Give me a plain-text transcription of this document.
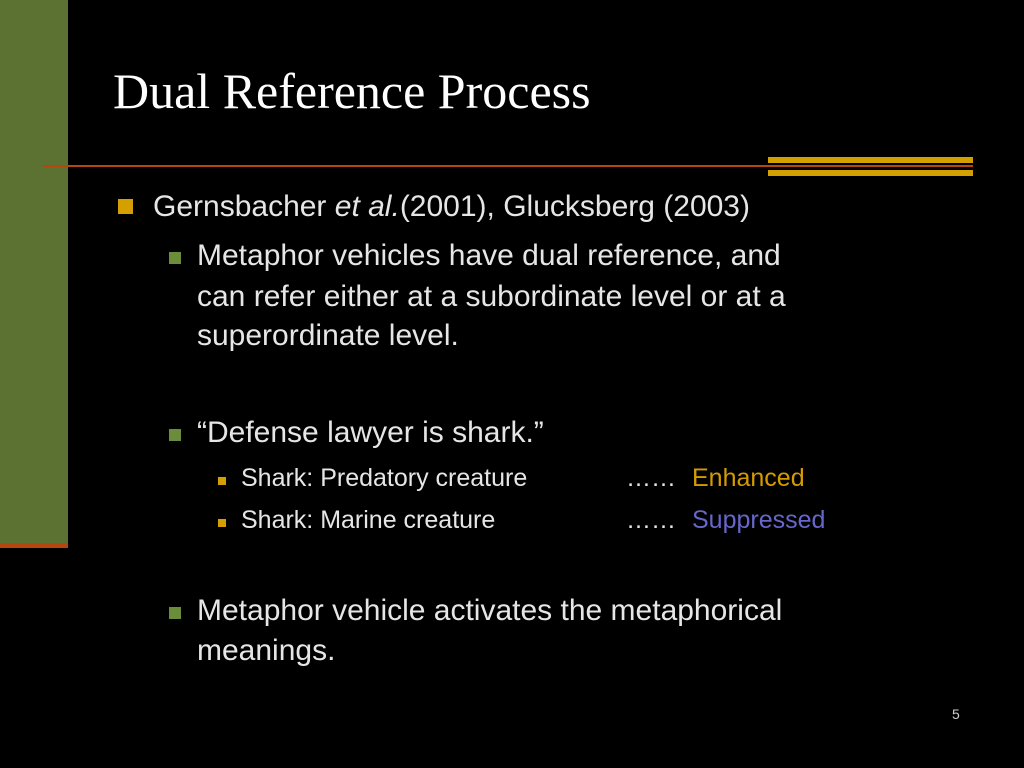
Dual Reference Process
Gernsbacher et al.(2001), Glucksberg (2003)
Metaphor vehicles have dual reference, and
can refer either at a subordinate level or at a
superordinate level.
“Defense lawyer is shark.”
Shark: Predatory creature	…… Enhanced
Shark: Marine creature	…… Suppressed
Metaphor vehicle activates the metaphorical
meanings.
5
